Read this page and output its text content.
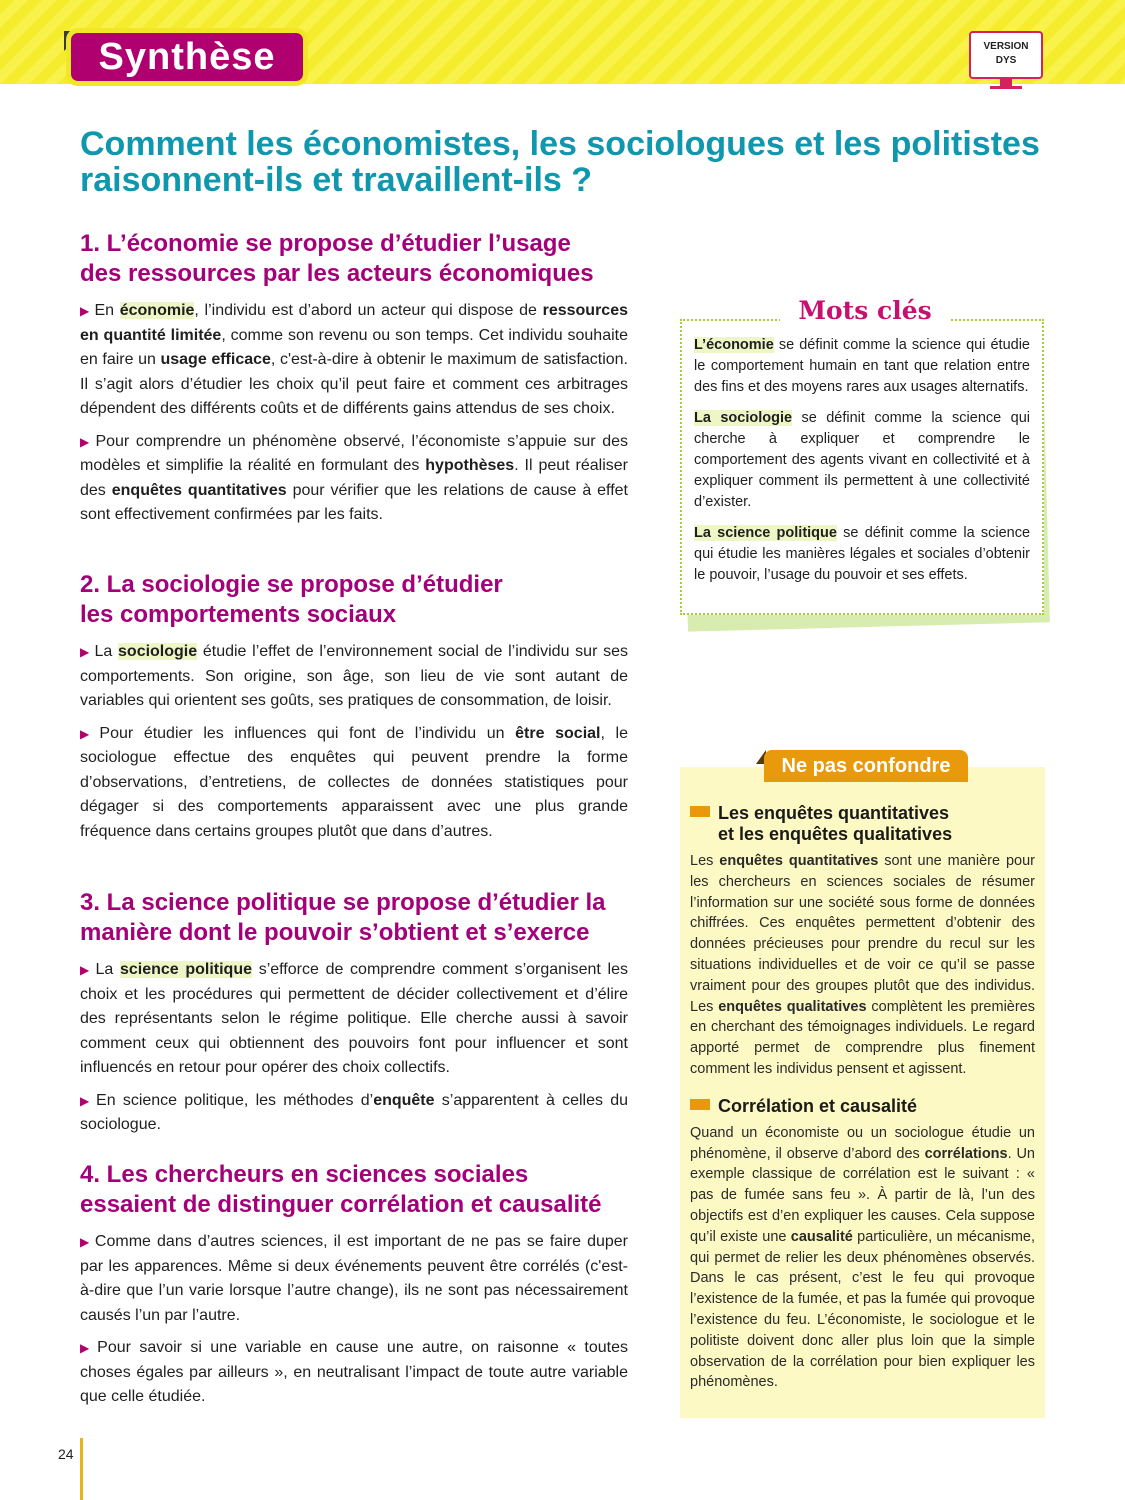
Synthèse	VERSION
DYS
Comment les économistes, les sociologues et les politistes raisonnent-ils et travaillent-ils ?
1. L’économie se propose d’étudier l’usage
des ressources par les acteurs économiques

▶ En économie, l’individu est d’abord un acteur qui dispose de ressources en quantité limitée, comme son revenu ou son temps. Cet individu souhaite en faire un usage efficace, c'est-à-dire à obtenir le maximum de satisfaction. Il s’agit alors d’étudier les choix qu’il peut faire et comment ces arbitrages dépendent des différents coûts et de différents gains attendus de ses choix.

▶ Pour comprendre un phénomène observé, l’économiste s’appuie sur des modèles et simplifie la réalité en formulant des hypothèses. Il peut réaliser des enquêtes quantitatives pour vérifier que les relations de cause à effet sont effectivement confirmées par les faits.

2. La sociologie se propose d’étudier
les comportements sociaux

▶ La sociologie étudie l’effet de l’environnement social de l’individu sur ses comportements. Son origine, son âge, son lieu de vie sont autant de variables qui orientent ses goûts, ses pratiques de consommation, de loisir.

▶ Pour étudier les influences qui font de l’individu un être social, le sociologue effectue des enquêtes qui peuvent prendre la forme d’observations, d’entretiens, de collectes de données statistiques pour dégager si des comportements apparaissent avec une plus grande fréquence dans certains groupes plutôt que dans d’autres.

3. La science politique se propose d’étudier la
manière dont le pouvoir s’obtient et s’exerce

▶ La science politique s’efforce de comprendre comment s’organisent les choix et les procédures qui permettent de décider collectivement et d’élire des représentants selon le régime politique. Elle cherche aussi à savoir comment ceux qui obtiennent des pouvoirs font pour influencer et sont influencés en retour pour opérer des choix collectifs.

▶ En science politique, les méthodes d’enquête s’apparentent à celles du sociologue.

4. Les chercheurs en sciences sociales
essaient de distinguer corrélation et causalité

▶ Comme dans d’autres sciences, il est important de ne pas se faire duper par les apparences. Même si deux événements peuvent être corrélés (c'est-à-dire que l’un varie lorsque l’autre change), ils ne sont pas nécessairement causés l’un par l’autre.

▶ Pour savoir si une variable en cause une autre, on raisonne « toutes choses égales par ailleurs », en neutralisant l’impact de toute autre variable que celle étudiée.

L’économie se définit comme la science qui étudie le comportement humain en tant que relation entre des fins et des moyens rares aux usages alternatifs.

La sociologie se définit comme la science qui cherche à expliquer et comprendre le comportement des agents vivant en collectivité et à expliquer comment ils permettent à une collectivité d’exister.

La science politique se définit comme la science qui étudie les manières légales et sociales d’obtenir le pouvoir, l’usage du pouvoir et ses effets.

Mots clés
Les enquêtes quantitatives
et les enquêtes qualitatives

Les enquêtes quantitatives sont une manière pour les chercheurs en sciences sociales de résumer l’information sur une société sous forme de données chiffrées. Ces enquêtes permettent d’obtenir des données précieuses pour prendre du recul sur les situations individuelles et de voir ce qu’il se passe vraiment pour des groupes plutôt que des individus. Les enquêtes qualitatives complètent les premières en cherchant des témoignages individuels. Le regard apporté permet de comprendre plus finement comment les individus pensent et agissent.

Corrélation et causalité

Quand un économiste ou un sociologue étudie un phénomène, il observe d’abord des corrélations. Un exemple classique de corrélation est le suivant : « pas de fumée sans feu ». À partir de là, l’un des objectifs est d’en expliquer les causes. Cela suppose qu’il existe une causalité particulière, un mécanisme, qui permet de relier les deux phénomènes observés. Dans le cas présent, c’est le feu qui provoque l’existence de la fumée, et pas la fumée qui provoque l’existence du feu. L’économiste, le sociologue et le politiste doivent donc aller plus loin que la simple observation de la corrélation pour bien expliquer les phénomènes.

Ne pas confondre
24
